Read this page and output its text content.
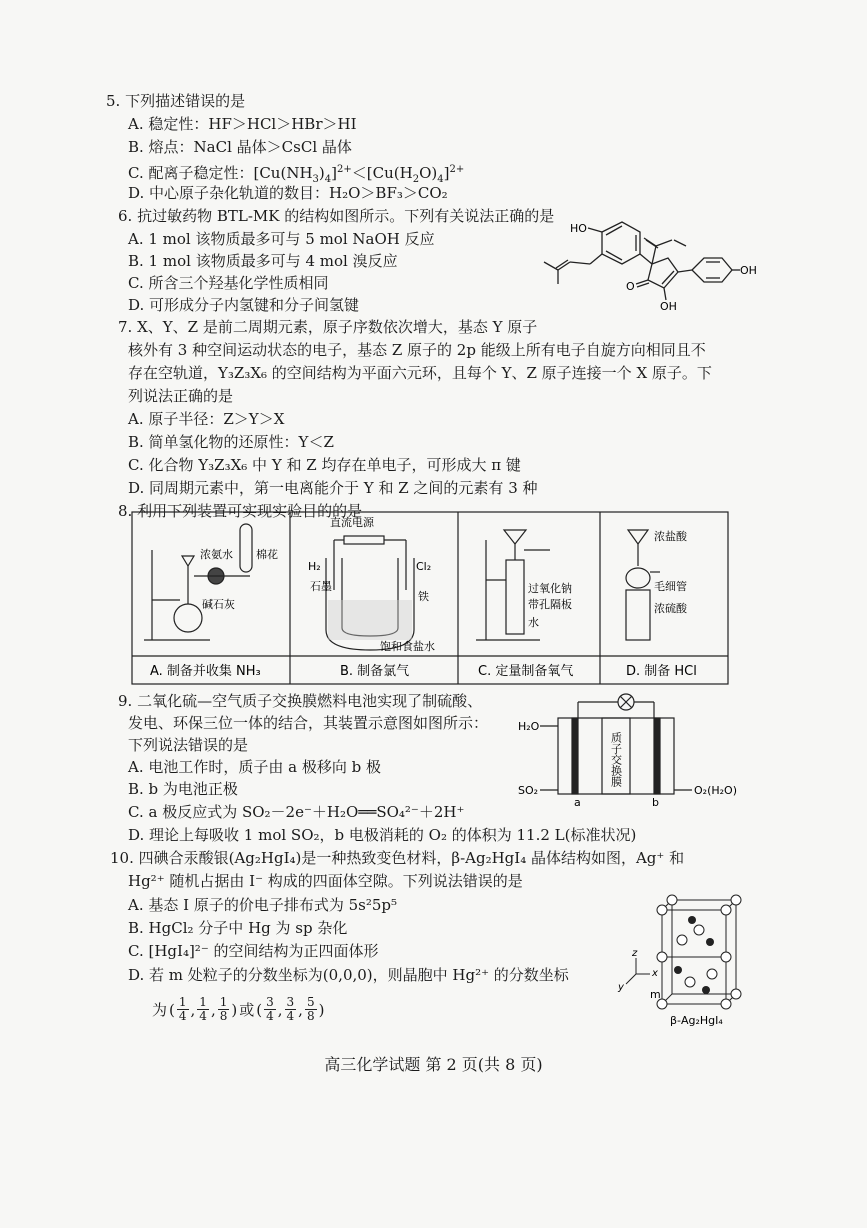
5. 下列描述错误的是
A. 稳定性：HF＞HCl＞HBr＞HI
B. 熔点：NaCl 晶体＞CsCl 晶体
C. 配离子稳定性：$[Cu(NH_3)_4]^{2+}<[Cu(H_2O)_4]^{2+}$
D. 中心原子杂化轨道的数目：H₂O＞BF₃＞CO₂
6. 抗过敏药物 BTL-MK 的结构如图所示。下列有关说法正确的是
A. 1 mol 该物质最多可与 5 mol NaOH 反应
B. 1 mol 该物质最多可与 4 mol 溴反应
C. 所含三个羟基化学性质相同
D. 可形成分子内氢键和分子间氢键
HO
OH
OH
O
7. X、Y、Z 是前二周期元素，原子序数依次增大，基态 Y 原子
核外有 3 种空间运动状态的电子，基态 Z 原子的 2p 能级上所有电子自旋方向相同且不
存在空轨道，Y₃Z₃X₆ 的空间结构为平面六元环，且每个 Y、Z 原子连接一个 X 原子。下
列说法正确的是
A. 原子半径：Z＞Y＞X
B. 简单氢化物的还原性：Y＜Z
C. 化合物 Y₃Z₃X₆ 中 Y 和 Z 均存在单电子，可形成大 π 键
D. 同周期元素中，第一电离能介于 Y 和 Z 之间的元素有 3 种
8. 利用下列装置可实现实验目的的是
浓氨水 棉花
碱石灰
直流电源
H₂	Cl₂
石墨
铁
饱和食盐水
过氧化钠
带孔隔板
水
浓盐酸
毛细管
浓硫酸
A. 制备并收集 NH₃	B. 制备氯气	C. 定量制备氧气	D. 制备 HCl
9. 二氧化硫—空气质子交换膜燃料电池实现了制硫酸、
发电、环保三位一体的结合，其装置示意图如图所示：
下列说法错误的是
A. 电池工作时，质子由 a 极移向 b 极
B. b 为电池正极
C. a 极反应式为 SO₂－2e⁻＋H₂O══SO₄²⁻＋2H⁺
D. 理论上每吸收 1 mol SO₂，b 电极消耗的 O₂ 的体积为 11.2 L(标准状况)
H₂O
SO₂	O₂(H₂O)
a	b
质子交换膜
10. 四碘合汞酸银(Ag₂HgI₄)是一种热致变色材料，β-Ag₂HgI₄ 晶体结构如图，Ag⁺ 和
Hg²⁺ 随机占据由 I⁻ 构成的四面体空隙。下列说法错误的是
A. 基态 I 原子的价电子排布式为 5s²5p⁵
B. HgCl₂ 分子中 Hg 为 sp 杂化
C. [HgI₄]²⁻ 的空间结构为正四面体形
D. 若 m 处粒子的分数坐标为(0,0,0)，则晶胞中 Hg²⁺ 的分数坐标
为 ( 1
4 , 1
4 , 1
8 ) 或 ( 3
4 , 3
4 , 5
8 )
z
x
y
m
β-Ag₂HgI₄
高三化学试题 第 2 页(共 8 页)
